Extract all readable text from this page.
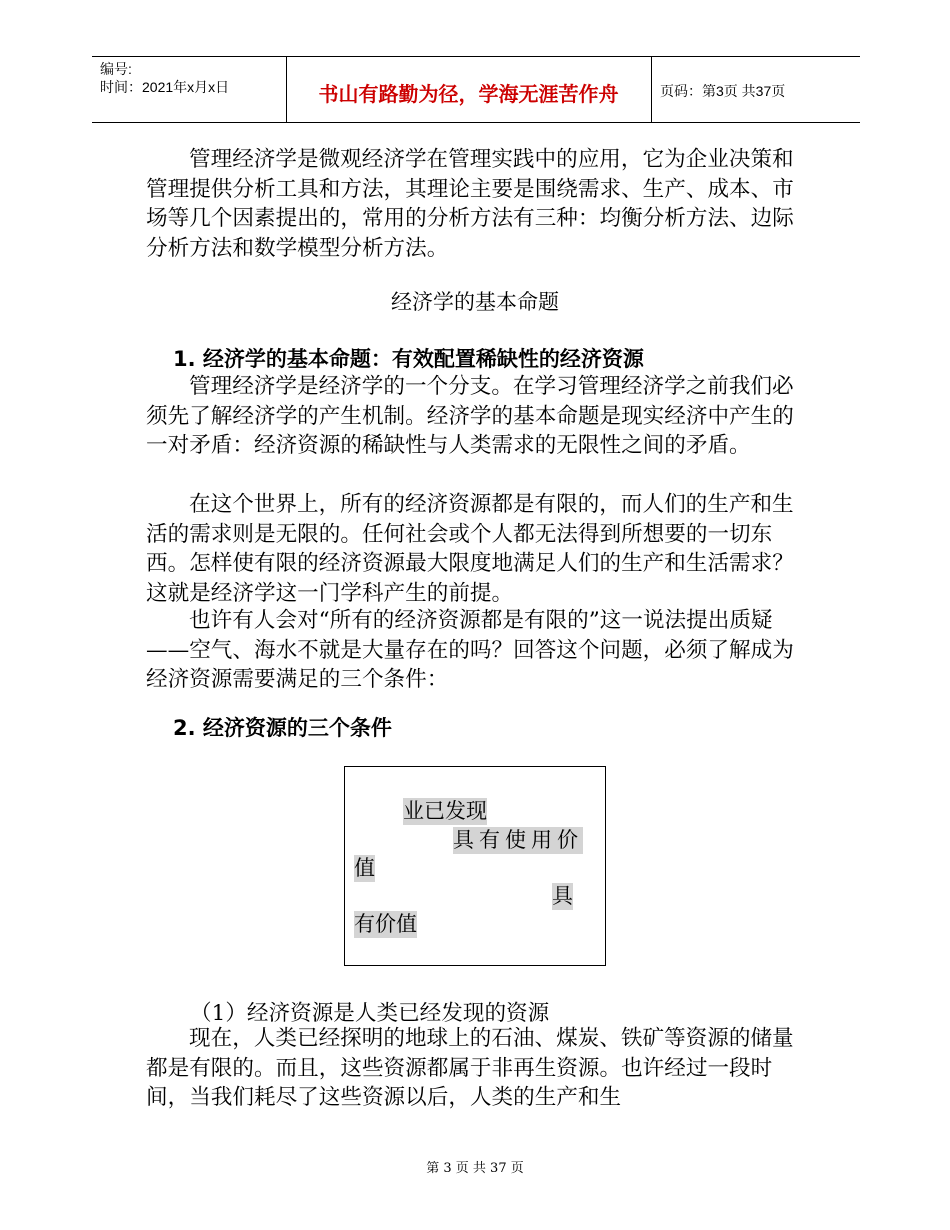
编号:
时间：2021年x月x日	书山有路勤为径，学海无涯苦作舟	页码：第3页 共37页

管理经济学是微观经济学在管理实践中的应用，它为企业决策和管理提供分析工具和方法，其理论主要是围绕需求、生产、成本、市场等几个因素提出的，常用的分析方法有三种：均衡分析方法、边际分析方法和数学模型分析方法。

经济学的基本命题
1. 经济学的基本命题：有效配置稀缺性的经济资源

管理经济学是经济学的一个分支。在学习管理经济学之前我们必须先了解经济学的产生机制。经济学的基本命题是现实经济中产生的一对矛盾：经济资源的稀缺性与人类需求的无限性之间的矛盾。

在这个世界上，所有的经济资源都是有限的，而人们的生产和生活的需求则是无限的。任何社会或个人都无法得到所想要的一切东西。怎样使有限的经济资源最大限度地满足人们的生产和生活需求？这就是经济学这一门学科产生的前提。

也许有人会对“所有的经济资源都是有限的”这一说法提出质疑——空气、海水不就是大量存在的吗？回答这个问题，必须了解成为经济资源需要满足的三个条件：

2. 经济资源的三个条件
业已发现
具有使用价
值
具
有价值
（1）经济资源是人类已经发现的资源

现在，人类已经探明的地球上的石油、煤炭、铁矿等资源的储量都是有限的。而且，这些资源都属于非再生资源。也许经过一段时间，当我们耗尽了这些资源以后，人类的生产和生

第 3 页 共 37 页
